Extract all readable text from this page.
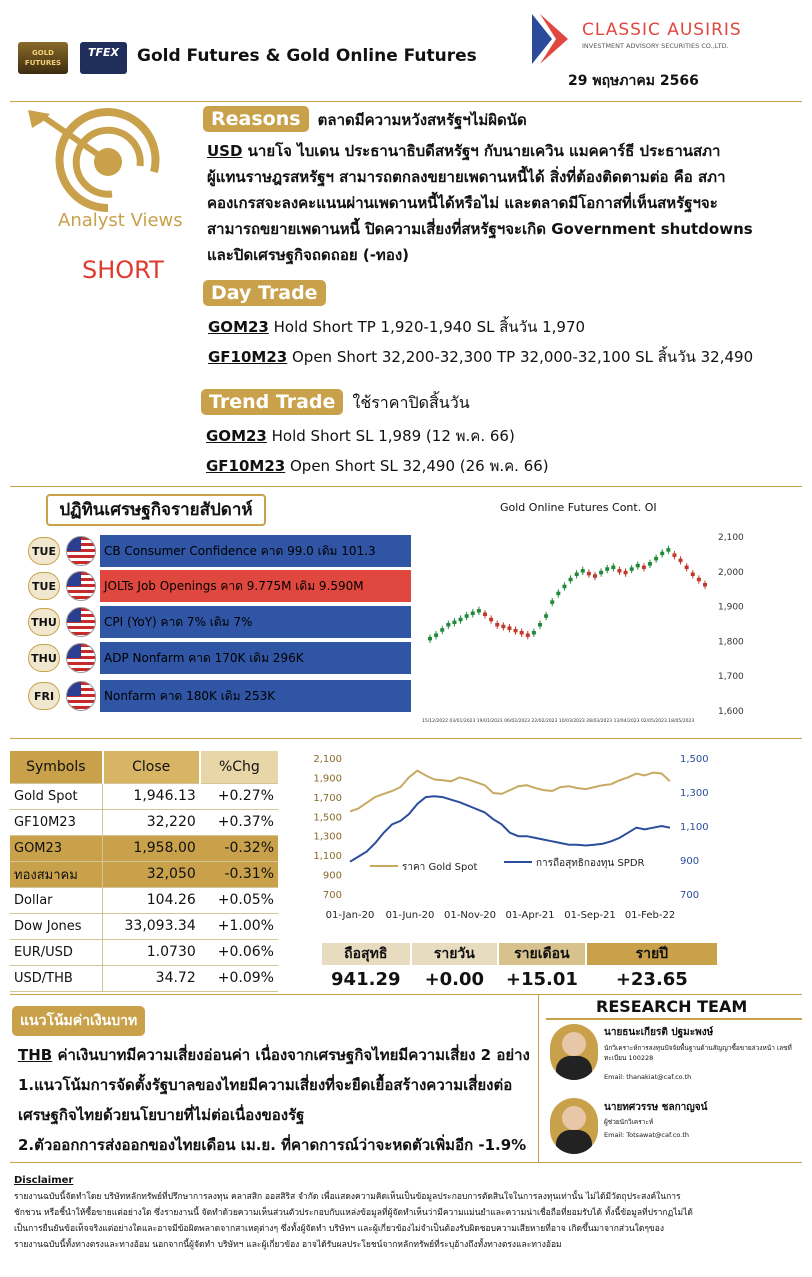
GOLD FUTURES
TFEX	Gold Futures & Gold Online Futures
CLASSIC AUSIRIS
INVESTMENT ADVISORY SECURITIES CO.,LTD.
29 พฤษภาคม 2566
Analyst Views
SHORT
Reasons ตลาดมีความหวังสหรัฐฯไม่ผิดนัด
USD นายโจ ไบเดน ประธานาธิบดีสหรัฐฯ กับนายเควิน แมคคาร์ธี ประธานสภา
ผู้แทนราษฎรสหรัฐฯ สามารถตกลงขยายเพดานหนี้ได้ สิ่งที่ต้องติดตามต่อ คือ สภา
คองเกรสจะลงคะแนนผ่านเพดานหนี้ได้หรือไม่ และตลาดมีโอกาสที่เห็นสหรัฐฯจะ
สามารถขยายเพดานหนี้ ปิดความเสี่ยงที่สหรัฐฯจะเกิด Government shutdowns
และปิดเศรษฐกิจถดถอย (-ทอง)
Day Trade
GOM23 Hold Short TP 1,920-1,940 SL สิ้นวัน 1,970
GF10M23 Open Short 32,200-32,300 TP 32,000-32,100 SL สิ้นวัน 32,490
Trend Trade ใช้ราคาปิดสิ้นวัน
GOM23 Hold Short SL 1,989 (12 พ.ค. 66)
GF10M23 Open Short SL 32,490 (26 พ.ค. 66)
ปฏิทินเศรษฐกิจรายสัปดาห์
TUE	CB Consumer Confidence คาด 99.0 เดิม 101.3
TUE	JOLTs Job Openings คาด 9.775M เดิม 9.590M
THU	CPI (YoY) คาด 7% เดิม 7%
THU	ADP Nonfarm คาด 170K เดิม 296K
FRI	Nonfarm คาด 180K เดิม 253K
Gold Online Futures Cont. OI
2,100
2,000
1,900
1,800
1,700
1,600
15/12/2022 03/01/2023 19/01/2023 06/02/2023 22/02/2023 10/03/2023 28/03/2023 13/04/2023 02/05/2023 18/05/2023
Symbols	Close	%Chg
Gold Spot	1,946.13	+0.27%
GF10M23	32,220	+0.37%
GOM23	1,958.00	-0.32%
ทองสมาคม	32,050	-0.31%
Dollar	104.26	+0.05%
Dow Jones	33,093.34	+1.00%
EUR/USD	1.0730	+0.06%
USD/THB	34.72	+0.09%
2,100
1,900
1,700
1,500
1,300
1,100
900
700
1,500
1,300
1,100
900
700
01-Jan-20 01-Jun-20 01-Nov-20 01-Apr-21 01-Sep-21 01-Feb-22
ราคา Gold Spot	การถือสุทธิกองทุน SPDR
ถือสุทธิ	รายวัน	รายเดือน	รายปี
941.29	+0.00	+15.01	+23.65
แนวโน้มค่าเงินบาท
THB ค่าเงินบาทมีความเสี่ยงอ่อนค่า เนื่องจากเศรษฐกิจไทยมีความเสี่ยง 2 อย่าง
1.แนวโน้มการจัดตั้งรัฐบาลของไทยมีความเสี่ยงที่จะยืดเยื้อสร้างความเสี่ยงต่อ
เศรษฐกิจไทยด้วยนโยบายที่ไม่ต่อเนื่องของรัฐ
2.ตัวออกการส่งออกของไทยเดือน เม.ย. ที่คาดการณ์ว่าจะหดตัวเพิ่มอีก -1.9%
RESEARCH TEAM
นายธนะเกียรติ ปฐมะพงษ์
นักวิเคราะห์การลงทุนปัจจัยพื้นฐานด้านสัญญาซื้อขายล่วงหน้า เลขที่ทะเบียน 100228
Email: thanakiat@caf.co.th
นายทศวรรษ ชลกาญจน์
ผู้ช่วยนักวิเคราะห์
Email: Totsawat@caf.co.th
Disclaimer
รายงานฉบับนี้จัดทำโดย บริษัทหลักทรัพย์ที่ปรึกษาการลงทุน คลาสสิก ออสสิริส จำกัด เพื่อแสดงความคิดเห็นเป็นข้อมูลประกอบการตัดสินใจในการลงทุนเท่านั้น ไม่ได้มีวัตถุประสงค์ในการ
ชักชวน หรือชี้นำให้ซื้อขายแต่อย่างใด ซึ่งรายงานนี้ จัดทำด้วยความเห็นส่วนตัวประกอบกับแหล่งข้อมูลที่ผู้จัดทำเห็นว่ามีความแม่นยำและความน่าเชื่อถือที่ยอมรับได้ ทั้งนี้ข้อมูลที่ปรากฏไม่ได้
เป็นการยืนยันข้อเท็จจริงแต่อย่างใดและอาจมีข้อผิดพลาดจากสาเหตุต่างๆ ซึ่งทั้งผู้จัดทำ บริษัทฯ และผู้เกี่ยวข้องไม่จำเป็นต้องรับผิดชอบความเสียหายที่อาจ เกิดขึ้นมาจากส่วนใดๆของ
รายงานฉบับนี้ทั้งทางตรงและทางอ้อม นอกจากนี้ผู้จัดทำ บริษัทฯ และผู้เกี่ยวข้อง อาจได้รับผลประโยชน์จากหลักทรัพย์ที่ระบุอ้างถึงทั้งทางตรงและทางอ้อม
